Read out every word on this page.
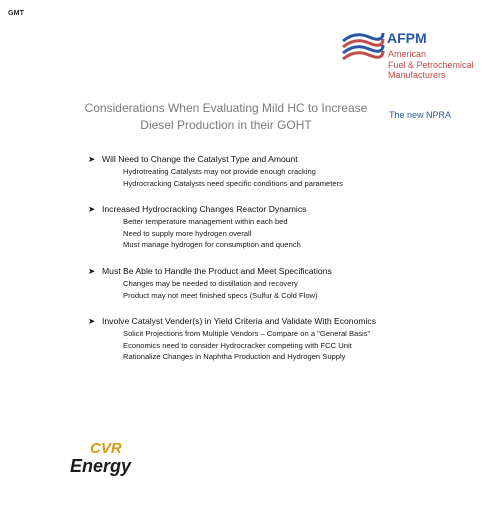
GMT
AFPM
American
Fuel & Petrochemical
Manufacturers
The new NPRA
Considerations When Evaluating Mild HC to Increase
Diesel Production in their GOHT
➤ Will Need to Change the Catalyst Type and Amount
Hydrotreating Catalysts may not provide enough cracking
Hydrocracking Catalysts need specific conditions and parameters
➤ Increased Hydrocracking Changes Reactor Dynamics
Better temperature management within each bed
Need to supply more hydrogen overall
Must manage hydrogen for consumption and quench
➤ Must Be Able to Handle the Product and Meet Specifications
Changes may be needed to distillation and recovery
Product may not meet finished specs (Sulfur & Cold Flow)
➤ Involve Catalyst Vender(s) in Yield Criteria and Validate With Economics
Solicit Projections from Multiple Vendors – Compare on a "General Basis"
Economics need to consider Hydrocracker competing with FCC Unit
Rationalize Changes in Naphtha Production and Hydrogen Supply
CVR
Energy
